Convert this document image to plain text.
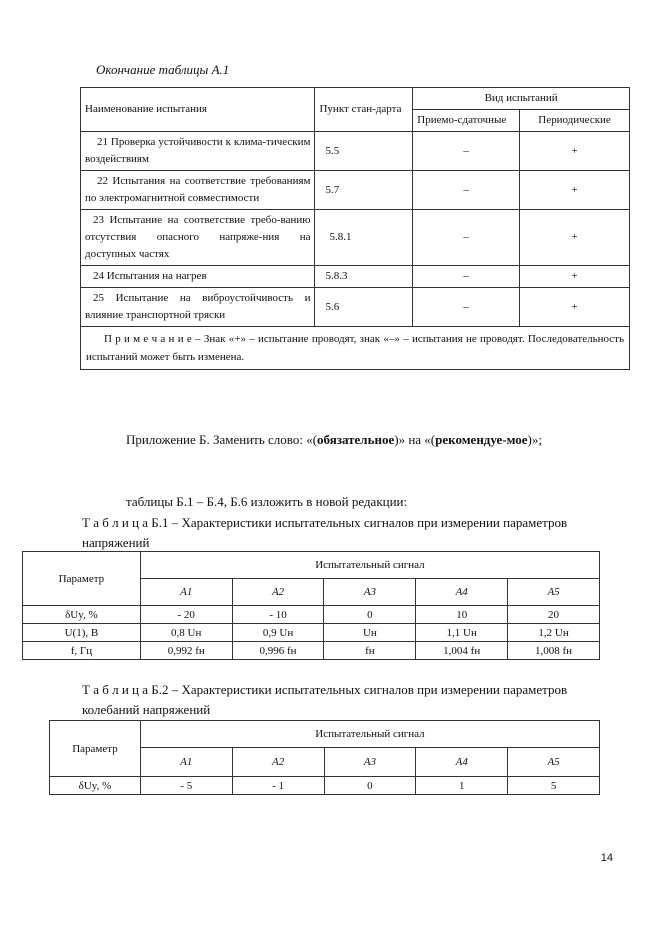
Окончание таблицы А.1
Наименование испытания	Пункт стан-дарта	Вид испытаний	
		Приемо-сдаточные	Периодические
21 Проверка устойчивости к клима-тическим воздействиям	5.5	–	+
22 Испытания на соответствие требованиям по электромагнитной совместимости	5.7	–	+
23 Испытание на соответствие требо-ванию отсутствия опасного напряже-ния на доступных частях	5.8.1	–	+
24 Испытания на нагрев	5.8.3	–	+
25 Испытание на виброустойчивость и влияние транспортной тряски	5.6	–	+
П р и м е ч а н и е – Знак «+» – испытание проводят, знак «–» – испытания не проводят. Последовательность испытаний может быть изменена.			
Приложение Б. Заменить слово: «(обязательное)» на «(рекомендуе-мое)»;
таблицы Б.1 – Б.4, Б.6 изложить в новой редакции:
Т а б л и ц а Б.1 – Характеристики испытательных сигналов при измерении параметров напряжений
Параметр	Испытательный сигнал				
	A1	A2	A3	A4	A5
δUy, %	- 20	- 10	0	10	20
U(1), В	0,8 Uн	0,9 Uн	Uн	1,1 Uн	1,2 Uн
f, Гц	0,992 fн	0,996 fн	fн	1,004 fн	1,008 fн
Т а б л и ц а Б.2 – Характеристики испытательных сигналов при измерении параметров колебаний напряжений
Параметр	Испытательный сигнал				
	A1	A2	A3	A4	A5
δUy, %	- 5	- 1	0	1	5
14
